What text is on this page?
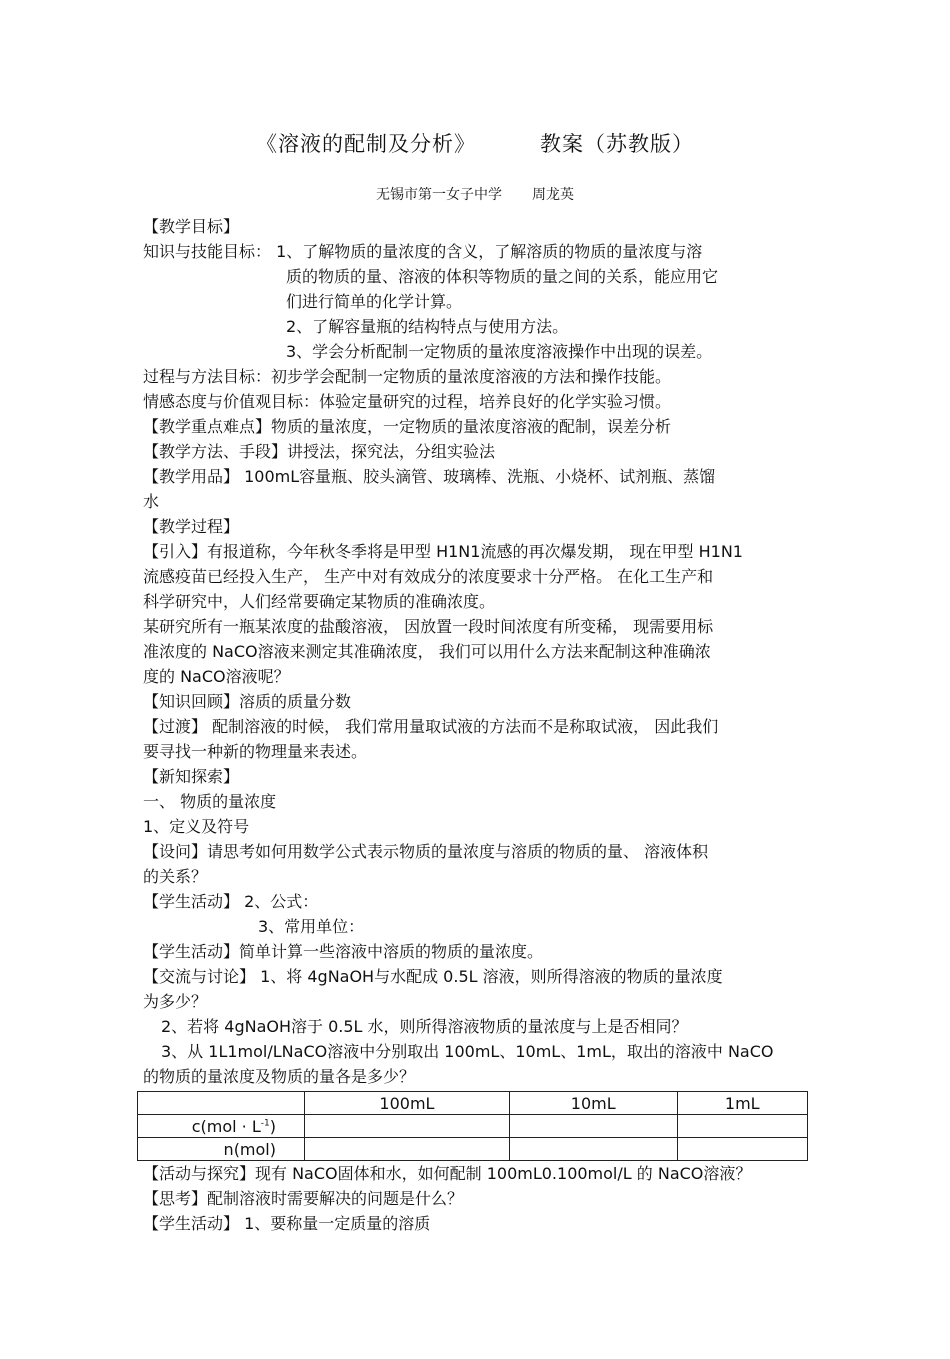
《溶液的配制及分析》	教案（苏教版）
无锡市第一女子中学 周龙英
【教学目标】
知识与技能目标： 1、了解物质的量浓度的含义，了解溶质的物质的量浓度与溶
质的物质的量、溶液的体积等物质的量之间的关系，能应用它
们进行简单的化学计算。
2、了解容量瓶的结构特点与使用方法。
3、学会分析配制一定物质的量浓度溶液操作中出现的误差。
过程与方法目标：初步学会配制一定物质的量浓度溶液的方法和操作技能。
情感态度与价值观目标：体验定量研究的过程，培养良好的化学实验习惯。
【教学重点难点】物质的量浓度，一定物质的量浓度溶液的配制，误差分析
【教学方法、手段】讲授法，探究法，分组实验法
【教学用品】 100mL容量瓶、胶头滴管、玻璃棒、洗瓶、小烧杯、试剂瓶、蒸馏
水
【教学过程】
【引入】有报道称，今年秋冬季将是甲型 H1N1流感的再次爆发期， 现在甲型 H1N1
流感疫苗已经投入生产， 生产中对有效成分的浓度要求十分严格。 在化工生产和
科学研究中，人们经常要确定某物质的准确浓度。
某研究所有一瓶某浓度的盐酸溶液， 因放置一段时间浓度有所变稀， 现需要用标
准浓度的 NaCO溶液来测定其准确浓度， 我们可以用什么方法来配制这种准确浓
度的 NaCO溶液呢？
【知识回顾】溶质的质量分数
【过渡】 配制溶液的时候， 我们常用量取试液的方法而不是称取试液， 因此我们
要寻找一种新的物理量来表述。
【新知探索】
一、 物质的量浓度
1、定义及符号
【设问】请思考如何用数学公式表示物质的量浓度与溶质的物质的量、 溶液体积
的关系？
【学生活动】 2、公式：
3、常用单位：
【学生活动】简单计算一些溶液中溶质的物质的量浓度。
【交流与讨论】 1、将 4gNaOH与水配成 0.5L 溶液，则所得溶液的物质的量浓度
为多少？
2、若将 4gNaOH溶于 0.5L 水，则所得溶液物质的量浓度与上是否相同？
3、从 1L1mol/LNaCO溶液中分别取出 100mL、10mL、1mL，取出的溶液中 NaCO
的物质的量浓度及物质的量各是多少？
	100mL	10mL	1mL
$c(mol \cdot L^{-1})$			
n(mol)			
【活动与探究】现有 NaCO固体和水，如何配制 100mL0.100mol/L 的 NaCO溶液？
【思考】配制溶液时需要解决的问题是什么？
【学生活动】 1、要称量一定质量的溶质
